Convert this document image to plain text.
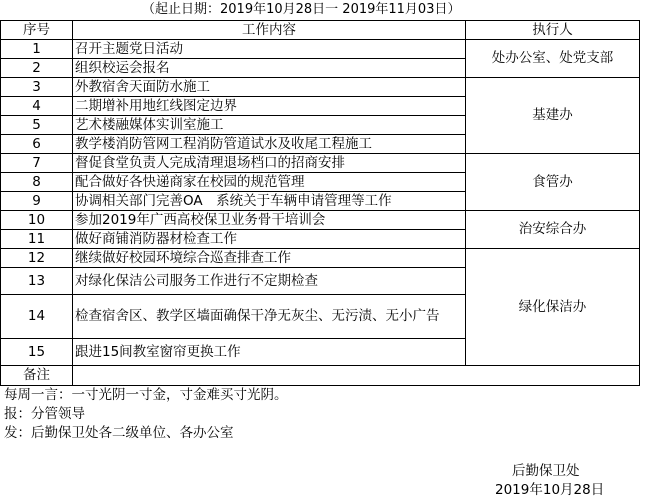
（起止日期：2019年10月28日一 2019年11月03日）
序号	工作内容	执行人
1	召开主题党日活动	处办公室、处党支部
2	组织校运会报名	
3	外教宿舍天面防水施工	基建办
4	二期增补用地红线图定边界	
5	艺术楼融媒体实训室施工	
6	教学楼消防管网工程消防管道试水及收尾工程施工	
7	督促食堂负责人完成清理退场档口的招商安排	食管办
8	配合做好各快递商家在校园的规范管理	
9	协调相关部门完善OA　系统关于车辆申请管理等工作	
10	参加2019年广西高校保卫业务骨干培训会	治安综合办
11	做好商铺消防器材检查工作	
12	继续做好校园环境综合巡查排查工作	绿化保洁办
13	对绿化保洁公司服务工作进行不定期检查	
14	检查宿舍区、教学区墙面确保干净无灰尘、无污渍、无小广告	
15	跟进15间教室窗帘更换工作	
备注		
每周一言：一寸光阴一寸金，寸金难买寸光阴。
报：分管领导
发：后勤保卫处各二级单位、各办公室
后勤保卫处
2019年10月28日
